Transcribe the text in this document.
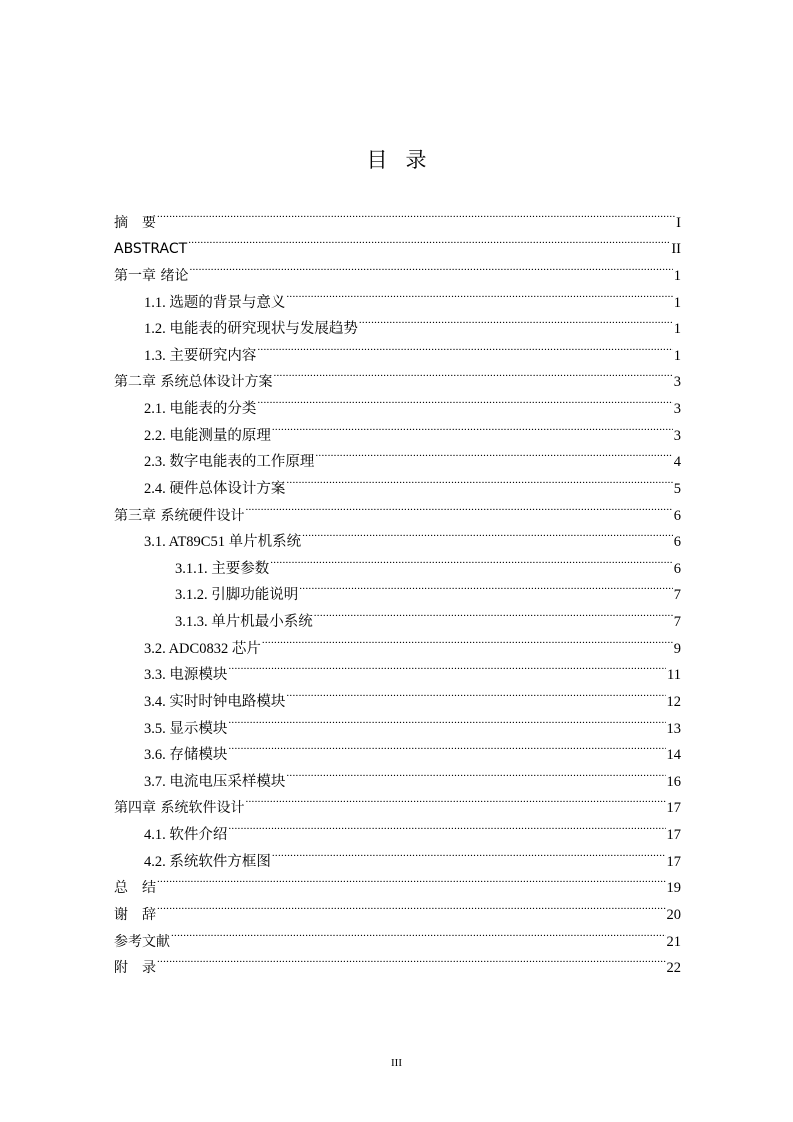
目录
摘　要 .....	I
ABSTRACT .....	II
第一章 绪论 .....	1
1.1. 选题的背景与意义 .....	1
1.2. 电能表的研究现状与发展趋势 .....	1
1.3. 主要研究内容 .....	1
第二章 系统总体设计方案 .....	3
2.1. 电能表的分类 .....	3
2.2. 电能测量的原理 .....	3
2.3. 数字电能表的工作原理 .....	4
2.4. 硬件总体设计方案 .....	5
第三章 系统硬件设计 .....	6
3.1. AT89C51 单片机系统 .....	6
3.1.1. 主要参数 .....	6
3.1.2. 引脚功能说明 .....	7
3.1.3. 单片机最小系统 .....	7
3.2. ADC0832 芯片 .....	9
3.3. 电源模块 .....	11
3.4. 实时时钟电路模块 .....	12
3.5. 显示模块 .....	13
3.6. 存储模块 .....	14
3.7. 电流电压采样模块 .....	16
第四章 系统软件设计 .....	17
4.1. 软件介绍 .....	17
4.2. 系统软件方框图 .....	17
总　结 .....	19
谢　辞 .....	20
参考文献 .....	21
附　录 .....	22
III
